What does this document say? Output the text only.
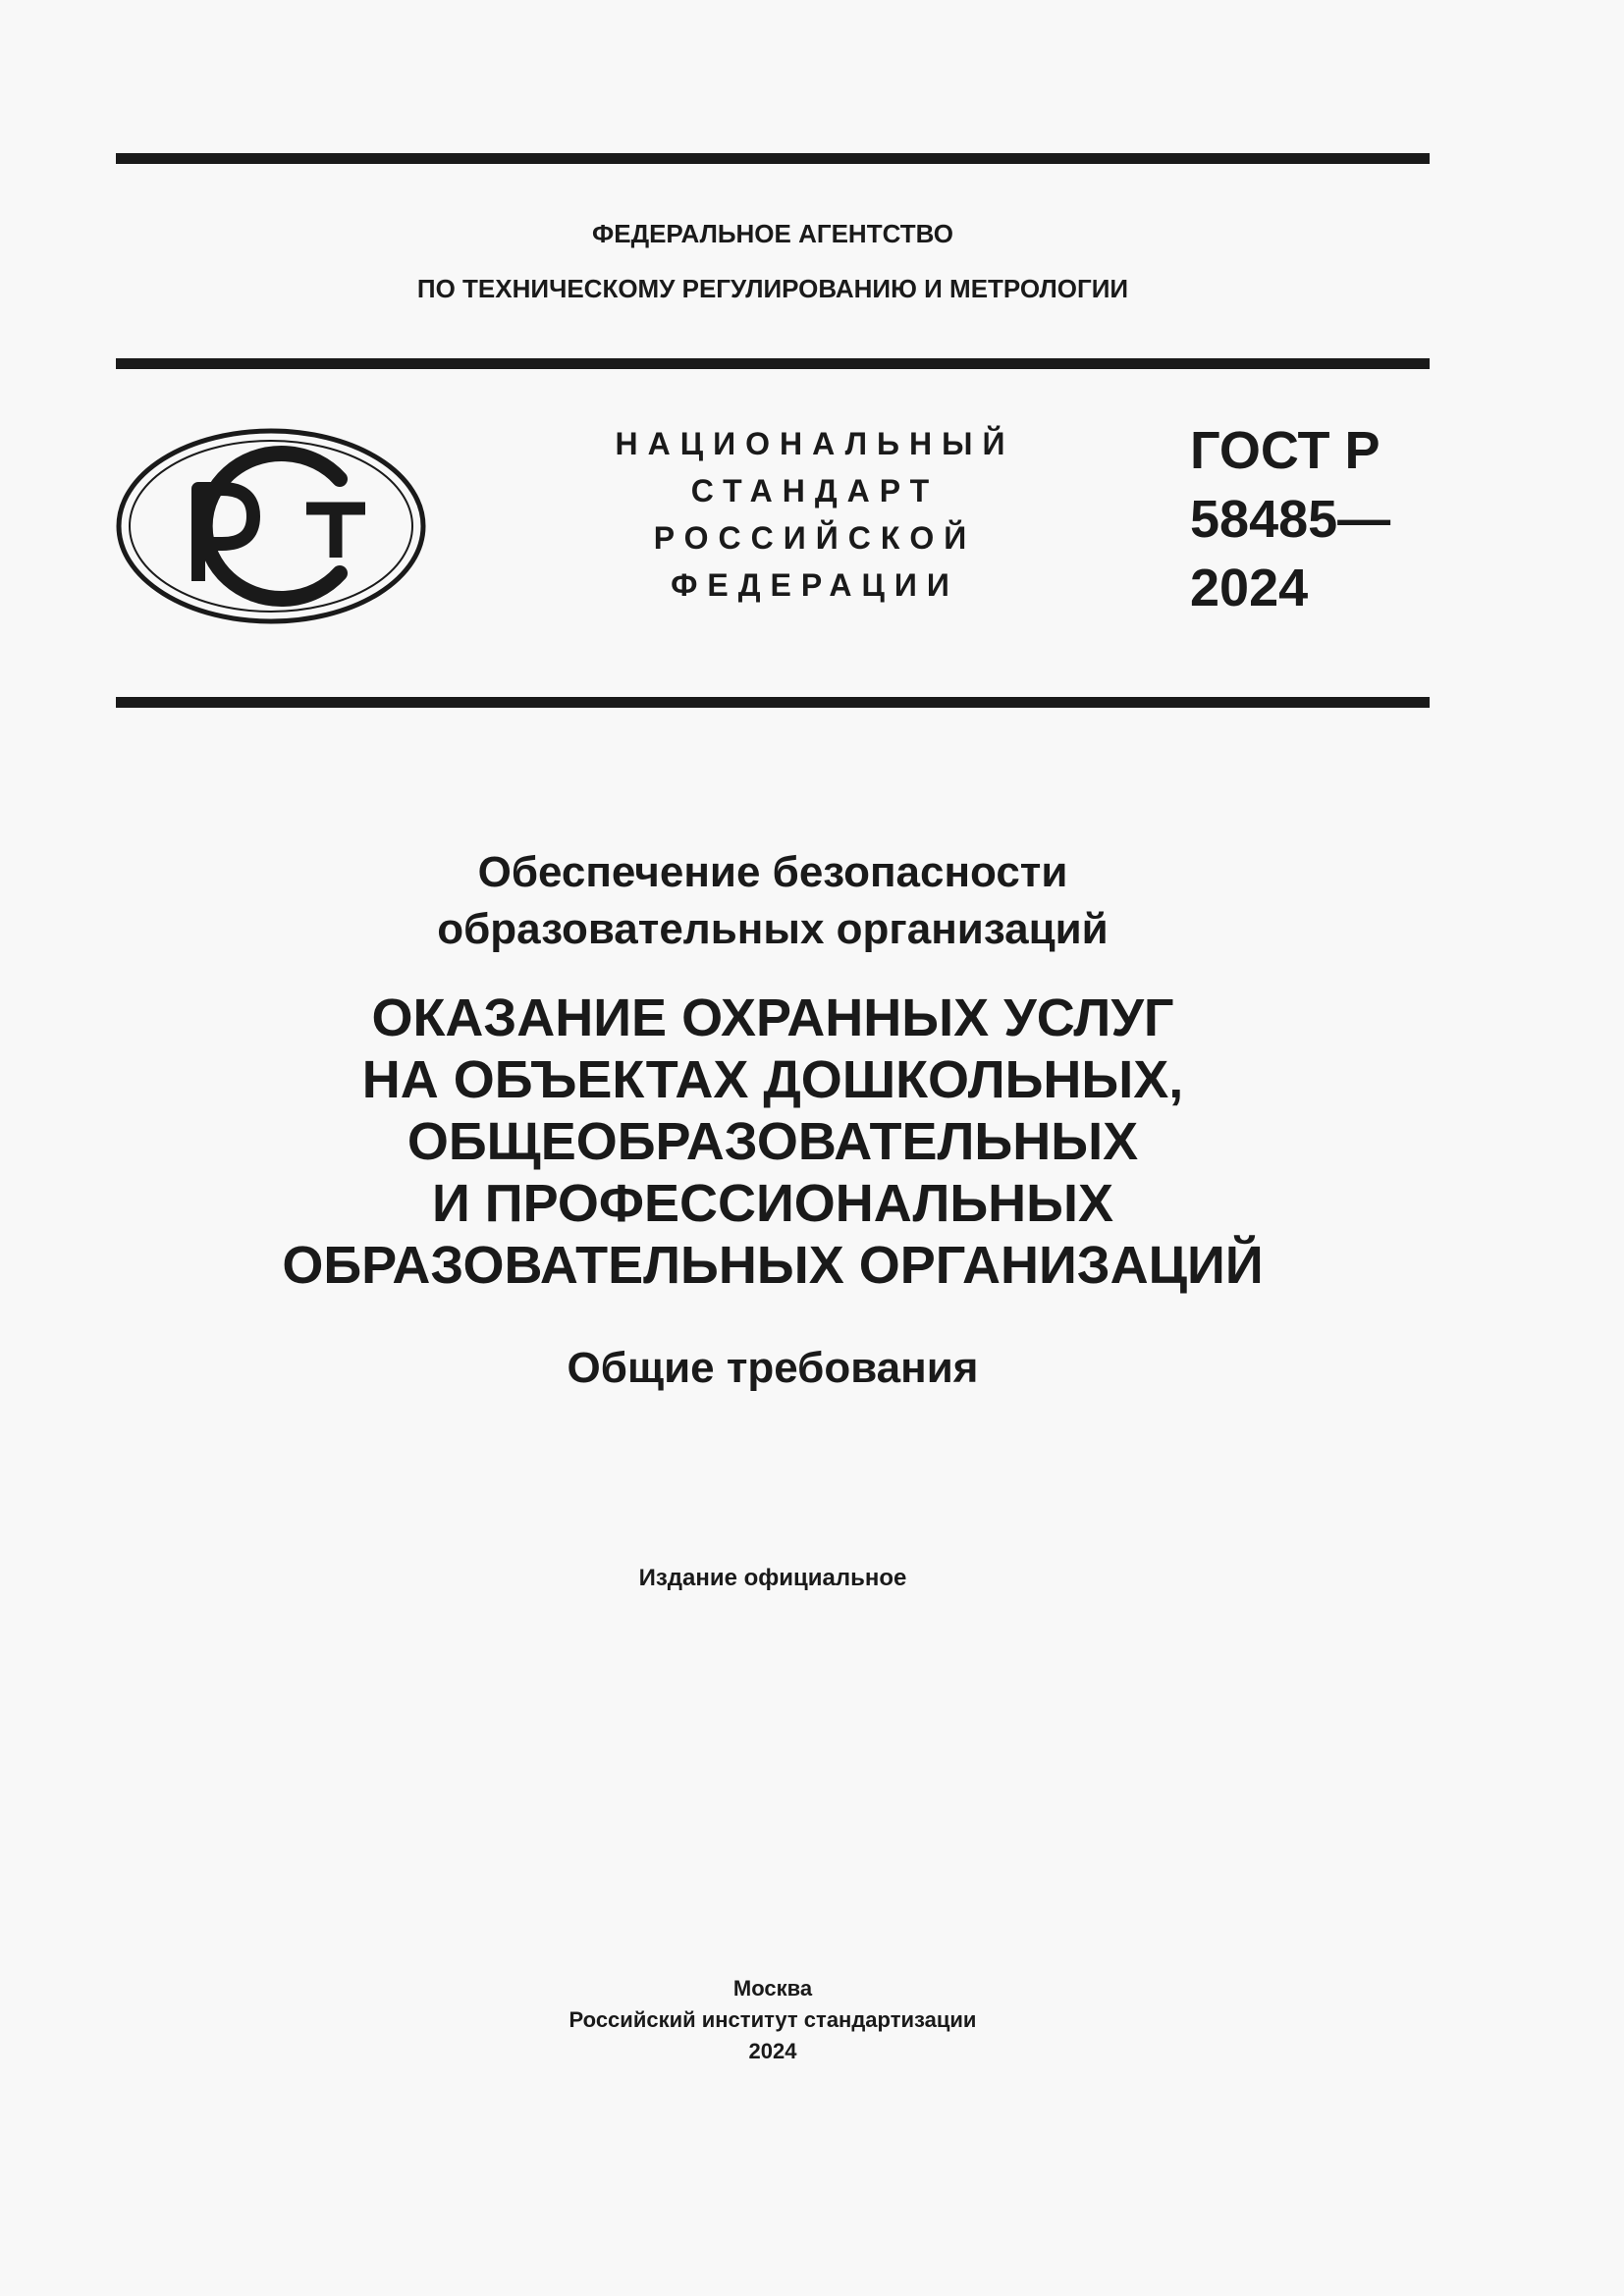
ФЕДЕРАЛЬНОЕ АГЕНТСТВО
ПО ТЕХНИЧЕСКОМУ РЕГУЛИРОВАНИЮ И МЕТРОЛОГИИ
НАЦИОНАЛЬНЫЙ
СТАНДАРТ
РОССИЙСКОЙ
ФЕДЕРАЦИИ
ГОСТ Р
58485—
2024
Обеспечение безопасности
образовательных организаций
ОКАЗАНИЕ ОХРАННЫХ УСЛУГ
НА ОБЪЕКТАХ ДОШКОЛЬНЫХ,
ОБЩЕОБРАЗОВАТЕЛЬНЫХ
И ПРОФЕССИОНАЛЬНЫХ
ОБРАЗОВАТЕЛЬНЫХ ОРГАНИЗАЦИЙ
Общие требования
Издание официальное
Москва
Российский институт стандартизации
2024
